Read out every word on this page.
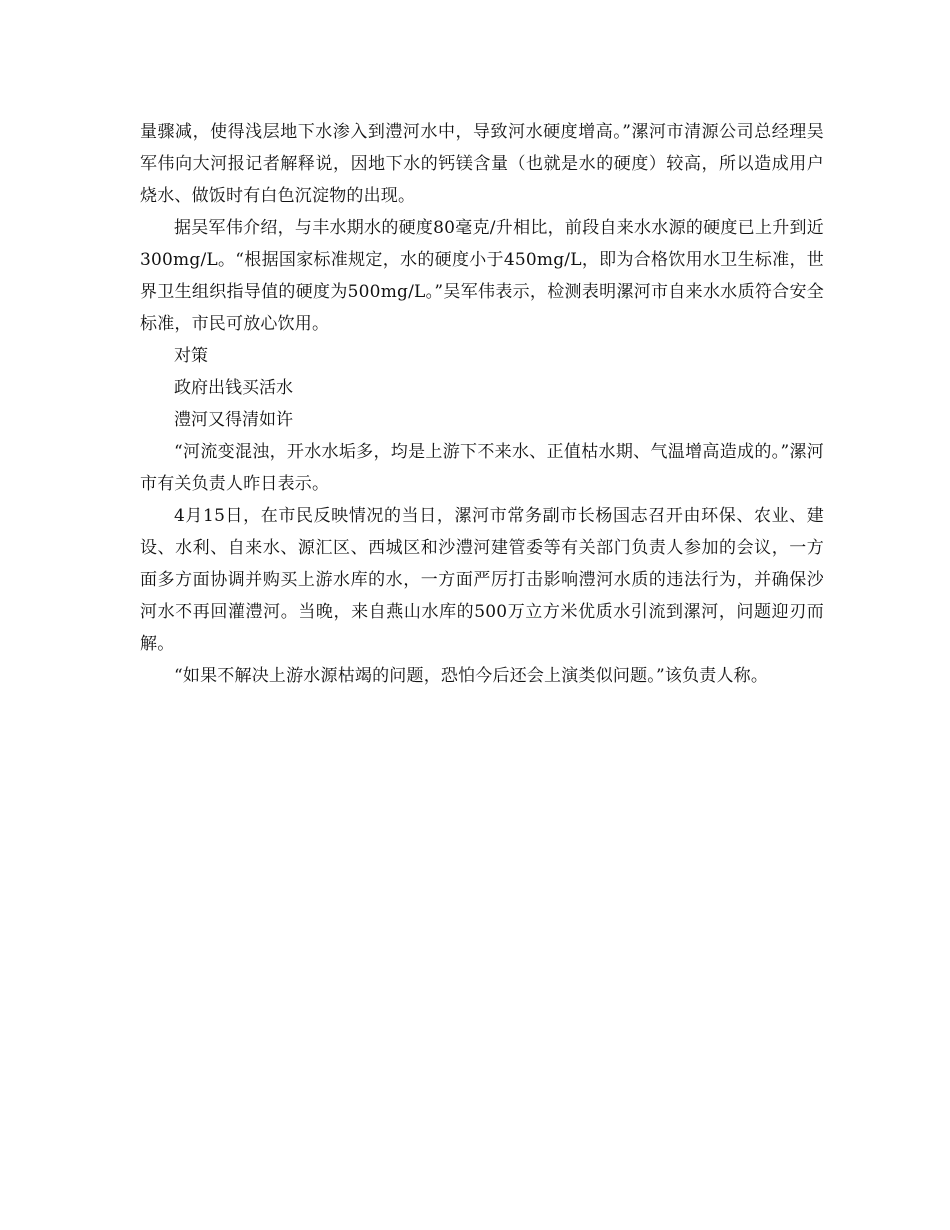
量骤减，使得浅层地下水渗入到澧河水中，导致河水硬度增高。”漯河市清源公司总经理吴军伟向大河报记者解释说，因地下水的钙镁含量（也就是水的硬度）较高，所以造成用户烧水、做饭时有白色沉淀物的出现。

据吴军伟介绍，与丰水期水的硬度80毫克/升相比，前段自来水水源的硬度已上升到近300mg/L。“根据国家标准规定，水的硬度小于450mg/L，即为合格饮用水卫生标准，世界卫生组织指导值的硬度为500mg/L。”吴军伟表示，检测表明漯河市自来水水质符合安全标准，市民可放心饮用。

对策

政府出钱买活水

澧河又得清如许

“河流变混浊，开水水垢多，均是上游下不来水、正值枯水期、气温增高造成的。”漯河市有关负责人昨日表示。

4月15日，在市民反映情况的当日，漯河市常务副市长杨国志召开由环保、农业、建设、水利、自来水、源汇区、西城区和沙澧河建管委等有关部门负责人参加的会议，一方面多方面协调并购买上游水库的水，一方面严厉打击影响澧河水质的违法行为，并确保沙河水不再回灌澧河。当晚，来自燕山水库的500万立方米优质水引流到漯河，问题迎刃而解。

“如果不解决上游水源枯竭的问题，恐怕今后还会上演类似问题。”该负责人称。
